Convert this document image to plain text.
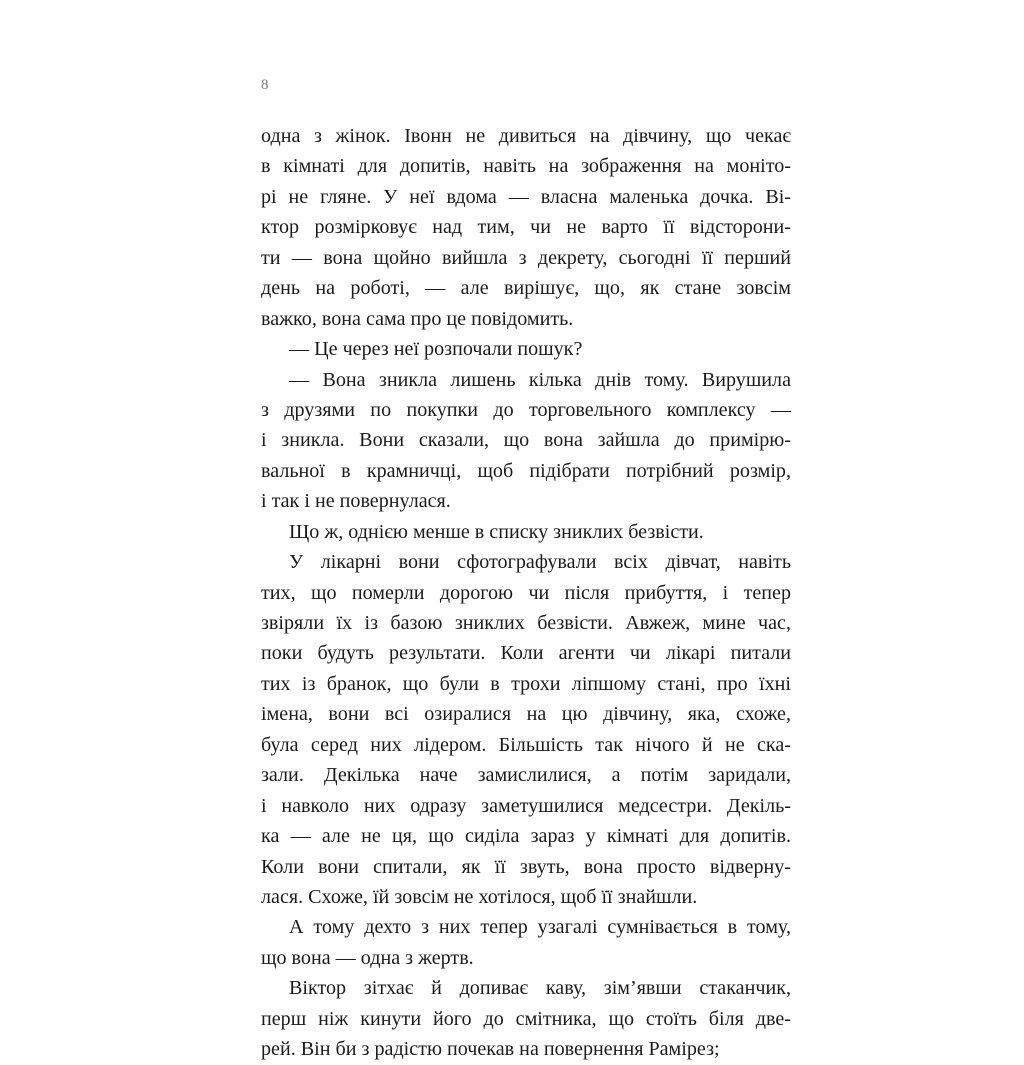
8
одна з жінок. Івонн не дивиться на дівчину, що чекає
в кімнаті для допитів, навіть на зображення на моніто-
рі не гляне. У неї вдома — власна маленька дочка. Ві-
ктор розмірковує над тим, чи не варто її відсторони-
ти — вона щойно вийшла з декрету, сьогодні її перший
день на роботі, — але вирішує, що, як стане зовсім
важко, вона сама про це повідомить.
— Це через неї розпочали пошук?
— Вона зникла лишень кілька днів тому. Вирушила
з друзями по покупки до торговельного комплексу —
і зникла. Вони сказали, що вона зайшла до примірю-
вальної в крамничці, щоб підібрати потрібний розмір,
і так і не повернулася.
Що ж, однією менше в списку зниклих безвісти.
У лікарні вони сфотографували всіх дівчат, навіть
тих, що померли дорогою чи після прибуття, і тепер
звіряли їх із базою зниклих безвісти. Авжеж, мине час,
поки будуть результати. Коли агенти чи лікарі питали
тих із бранок, що були в трохи ліпшому стані, про їхні
імена, вони всі озиралися на цю дівчину, яка, схоже,
була серед них лідером. Більшість так нічого й не ска-
зали. Декілька наче замислилися, а потім заридали,
і навколо них одразу заметушилися медсестри. Декіль-
ка — але не ця, що сиділа зараз у кімнаті для допитів.
Коли вони спитали, як її звуть, вона просто відверну-
лася. Схоже, їй зовсім не хотілося, щоб її знайшли.
А тому дехто з них тепер узагалі сумнівається в тому,
що вона — одна з жертв.
Віктор зітхає й допиває каву, зім’явши стаканчик,
перш ніж кинути його до смітника, що стоїть біля две-
рей. Він би з радістю почекав на повернення Рамірез;
